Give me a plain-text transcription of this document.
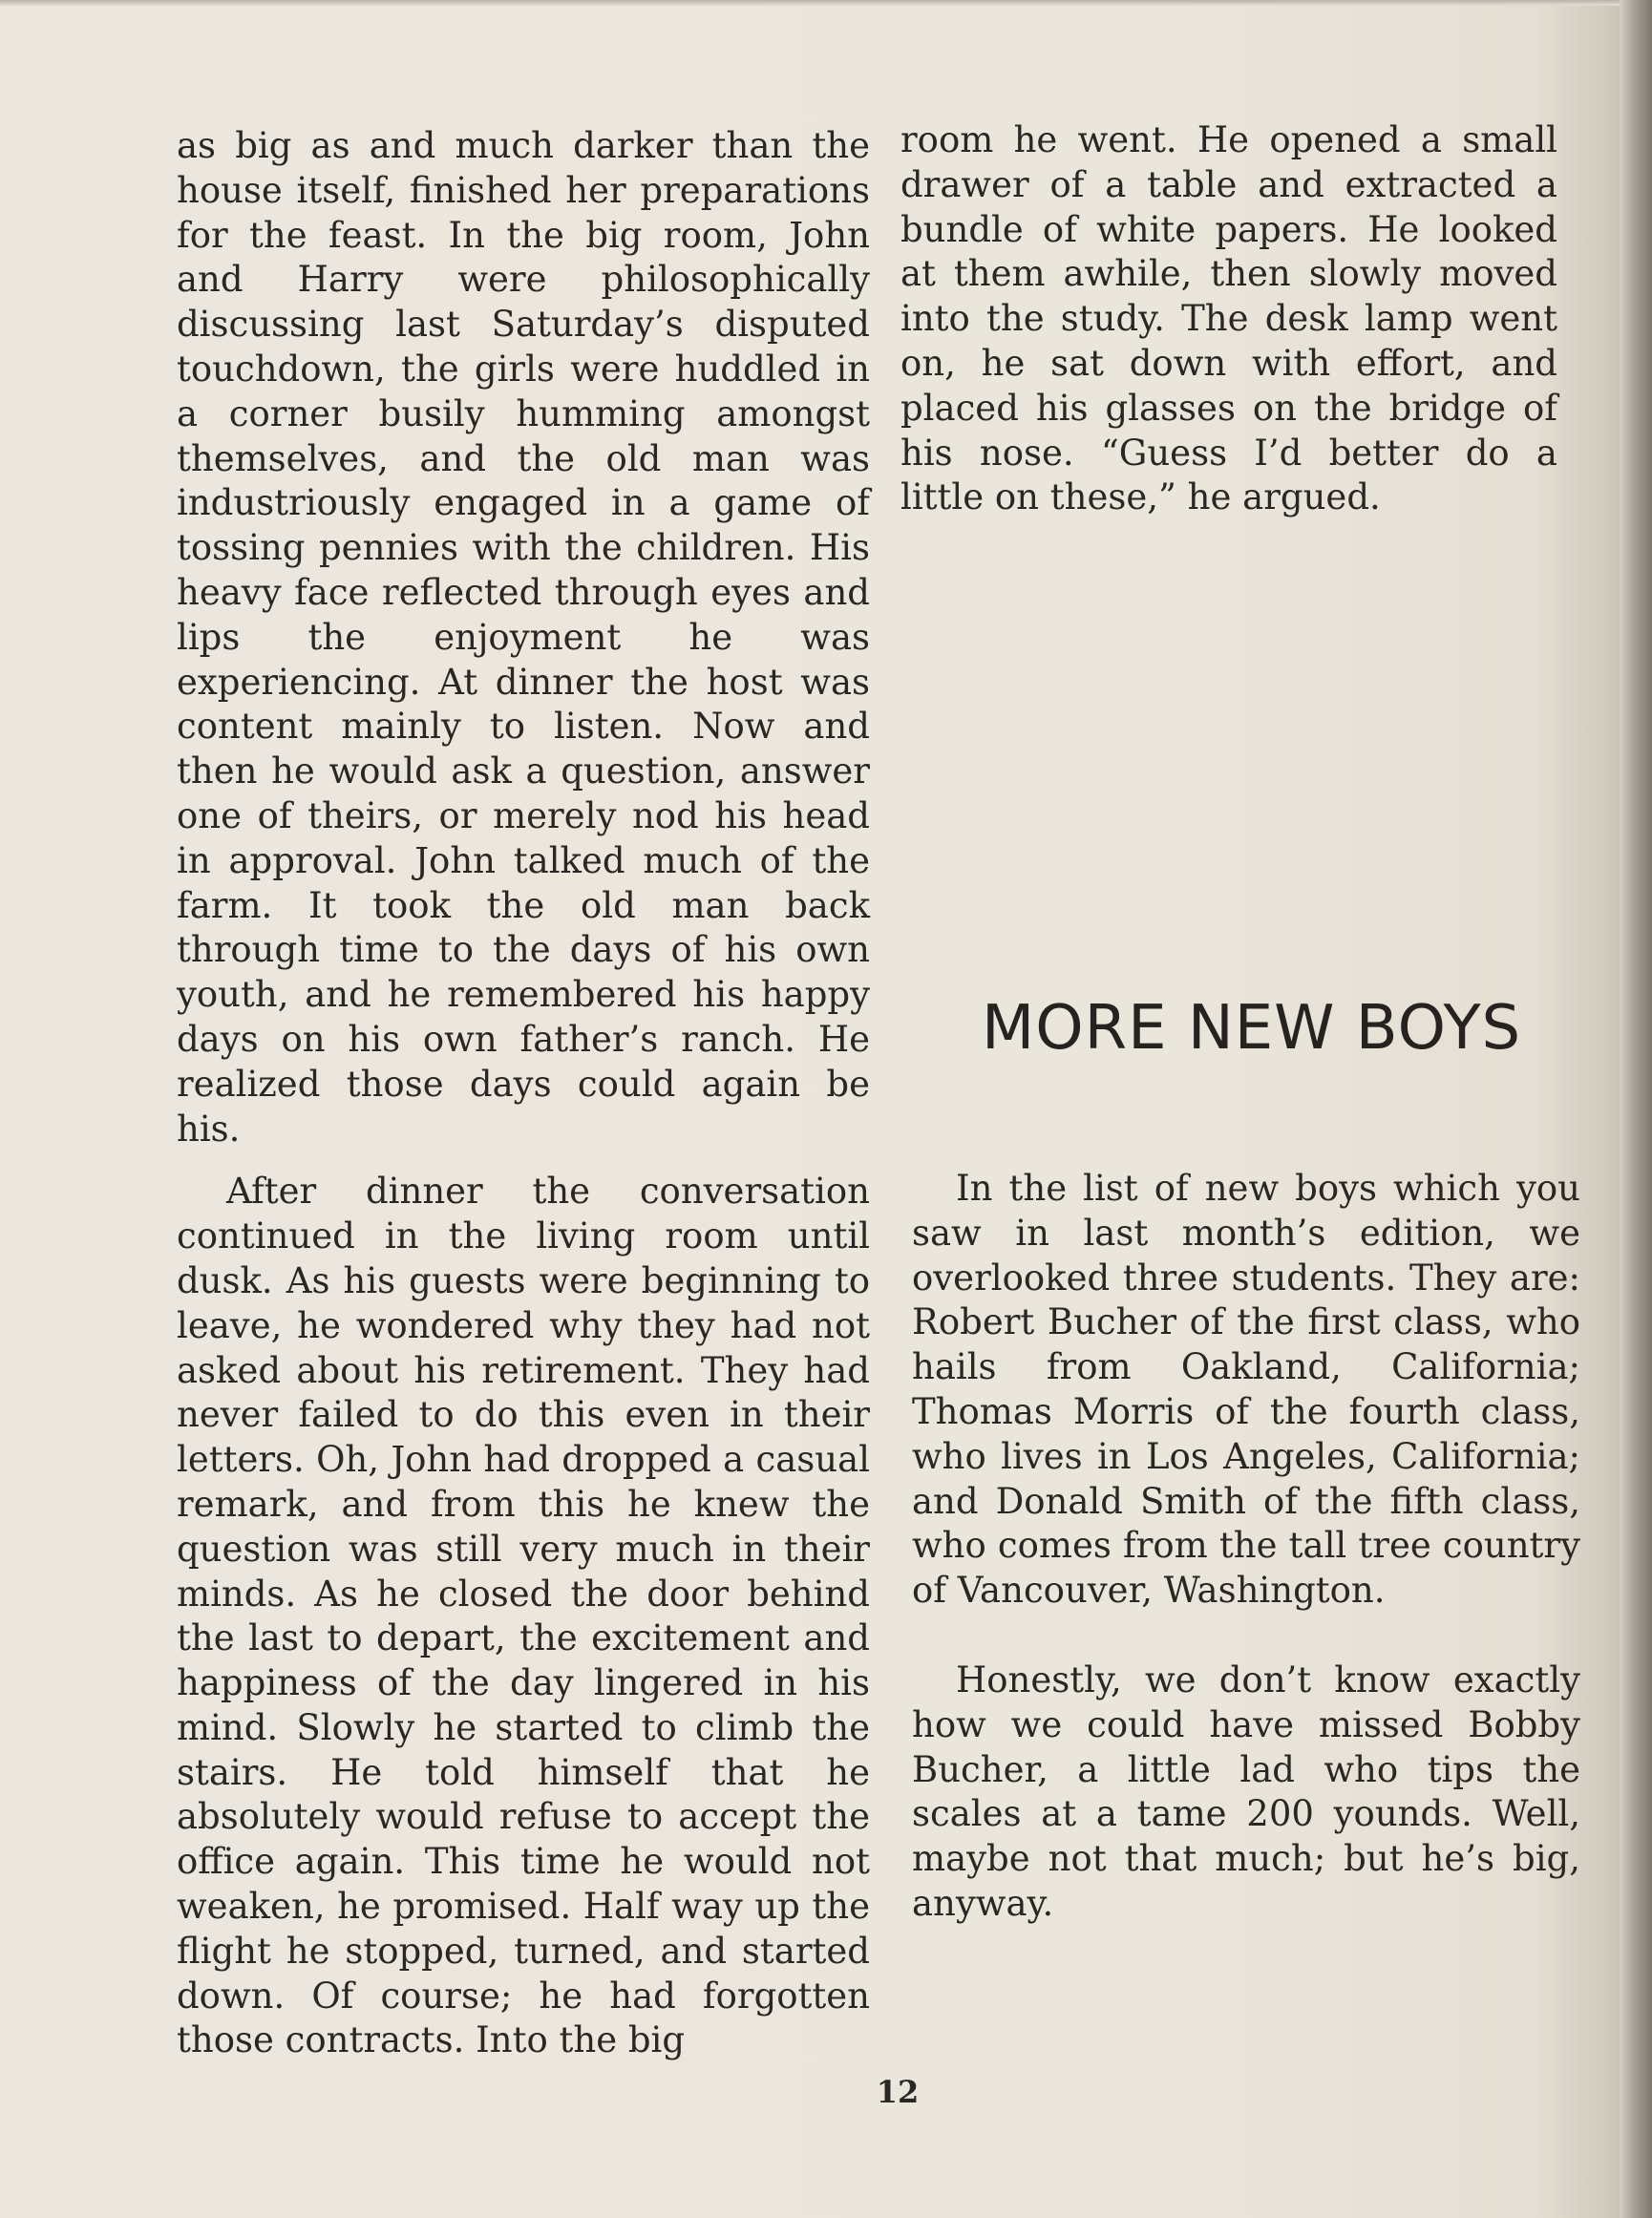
as big as and much darker than the house itself, finished her preparations for the feast. In the big room, John and Harry were philosophically discussing last Saturday’s disputed touchdown, the girls were huddled in a corner busily humming amongst themselves, and the old man was industriously engaged in a game of tossing pennies with the children. His heavy face reflected through eyes and lips the enjoyment he was experiencing. At dinner the host was content mainly to listen. Now and then he would ask a question, answer one of theirs, or merely nod his head in approval. John talked much of the farm. It took the old man back through time to the days of his own youth, and he remembered his happy days on his own father’s ranch. He realized those days could again be his.

After dinner the conversation continued in the living room until dusk. As his guests were beginning to leave, he wondered why they had not asked about his retirement. They had never failed to do this even in their letters. Oh, John had dropped a casual remark, and from this he knew the question was still very much in their minds. As he closed the door behind the last to depart, the excitement and happiness of the day lingered in his mind. Slowly he started to climb the stairs. He told himself that he absolutely would refuse to accept the office again. This time he would not weaken, he promised. Half way up the flight he stopped, turned, and started down. Of course; he had forgotten those contracts. Into the big

room he went. He opened a small drawer of a table and extracted a bundle of white papers. He looked at them awhile, then slowly moved into the study. The desk lamp went on, he sat down with effort, and placed his glasses on the bridge of his nose. “Guess I’d better do a little on these,” he argued.

MORE NEW BOYS

In the list of new boys which you saw in last month’s edition, we overlooked three students. They are: Robert Bucher of the first class, who hails from Oakland, California; Thomas Morris of the fourth class, who lives in Los Angeles, California; and Donald Smith of the fifth class, who comes from the tall tree country of Vancouver, Washington.

Honestly, we don’t know exactly how we could have missed Bobby Bucher, a little lad who tips the scales at a tame 200 younds. Well, maybe not that much; but he’s big, anyway.

12
